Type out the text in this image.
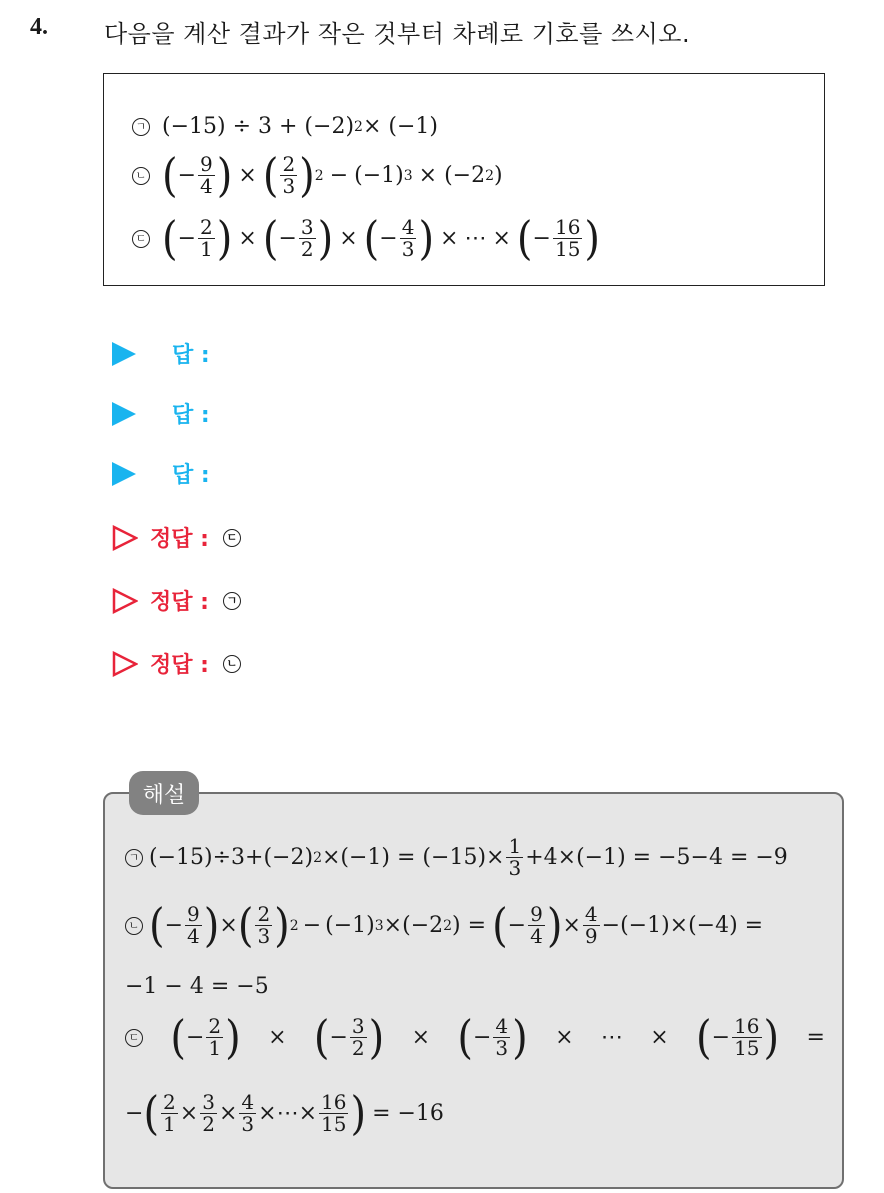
4. 다음을 계산 결과가 작은 것부터 차례로 기호를 쓰시오.
ㄱ (−15) ÷ 3 + (−2) 2 × (−1)
ㄴ ( − $\frac{9}{4}$ ) × ( $\frac{2}{3}$ ) 2 − (−1) 3 × (−2 2 )
ㄷ ( − $\frac{2}{1}$ ) × ( − $\frac{3}{2}$ ) × ( − $\frac{4}{3}$ ) × ⋯ × ( − $\frac{16}{15}$ )
답 :
답 :
답 :
정답 :	ㄷ
정답 :	ㄱ
정답 :	ㄴ
해설
ㄱ (−15)÷3+(−2) $2 \times(-1) = (-15)\times \frac{1}{3} +4\times(-1) = -5-4 = -9$
ㄴ ( − $\frac{9}{4}$ ) × ( $\frac{2}{3}$ ) 2 − (−1) 3 ×(−2 2 ) = ( − $\frac{9}{4}$ ) × $\frac{4}{9} - (-1)\times(-4)$ =
−1 − 4 = −5
ㄷ ( − $\frac{2}{1}$ ) × ( − $\frac{3}{2}$ ) × ( − $\frac{4}{3}$ ) × ⋯ × ( − $\frac{16}{15}$ ) =
− ( $\frac{2}{1} \times \frac{3}{2} \times \frac{4}{3}$ × ⋯ × $\frac{16}{15}$ ) = −16
